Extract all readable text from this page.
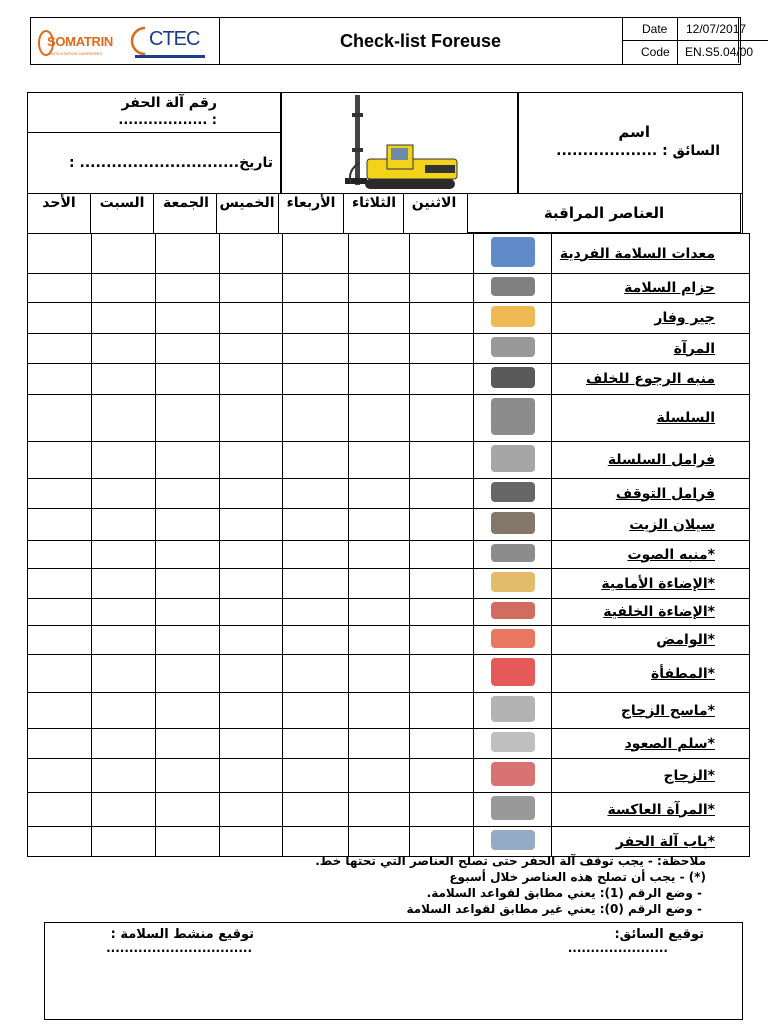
SOMATRIN
EXPLOITATION CARRIERES
CTEC	Check-list Foreuse
Date 12/07/2017
Code EN.S5.04/00
رقم آلة الحفر
.................. :
تاريخ.............................. :
اسم
السائق : ...................
العناصر المراقبة
الأحد	السبت	الجمعة الخميس الأربعاء	الثلاثاء	الاثنين
								معدات السلامة الفردية
								حزام السلامة
								جير وفار
								المرآة
								منبه الرجوع للخلف
								السلسلة
								فرامل السلسلة
								فرامل التوقف
								سيلان الزيت
								*منبه الصوت
								*الإضاءة الأمامية
								*الإضاءة الخلفية
								*الوامض
								*المطفأة
								*ماسح الزجاج
								*سلم الصعود
								*الزجاج
								*المرآة العاكسة
								*باب آلة الحفر
ملاحظة: - يجب توقف آلة الحفر حتى تصلح العناصر التي تحتها خط.
(*) - يجب أن تصلح هذه العناصر خلال أسبوع
- وضع الرقم (1): يعني مطابق لقواعد السلامة.
- وضع الرقم (0): يعني غير مطابق لقواعد السلامة
توقيع السائق:
......................
توقيع منشط السلامة :
................................
